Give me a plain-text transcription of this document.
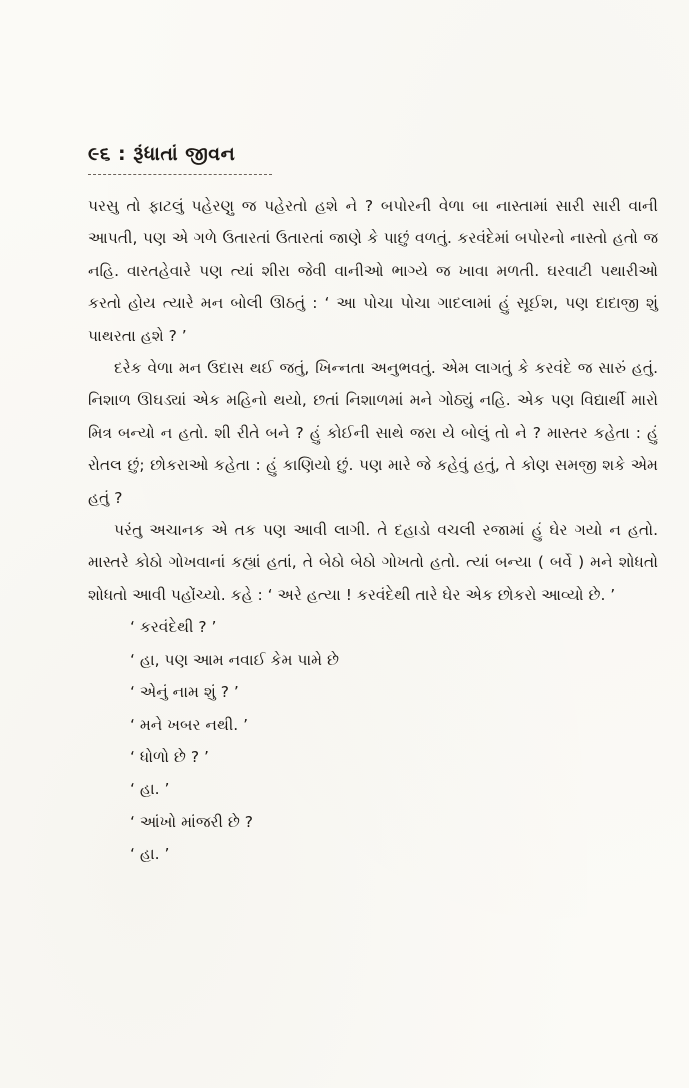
૯૬ : રૂંધાતાં જીવન

પરસુ તો ફાટલું પહેરણુ જ પહેરતો હશે ને ? બપોરની વેળા બા નાસ્તામાં સારી સારી વાની આપતી, પણ એ ગળે ઉતારતાં ઉતારતાં જાણે કે પાછું વળતું. કરવંદેમાં બપોરનો નાસ્તો હતો જ નહિ. વારતહેવારે પણ ત્યાં શીરા જેવી વાનીઓ ભાગ્યે જ ખાવા મળતી. ઘરવાટી પથારીઓ કરતો હોય ત્યારે મન બોલી ઊઠતું : ‘ આ પોચા પોચા ગાદલામાં હું સૂઈશ, પણ દાદાજી શું પાથરતા હશે ? ’

દરેક વેળા મન ઉદાસ થઈ જતું, ખિન્નતા અનુભવતું. એમ લાગતું કે કરવંદે જ સારું હતું. નિશાળ ઊઘડ્યાં એક મહિનો થયો, છતાં નિશાળમાં મને ગોઠ્યું નહિ. એક પણ વિદ્યાર્થી મારો મિત્ર બન્યો ન હતો. શી રીતે બને ? હું કોઈની સાથે જરા યે બોલું તો ને ? માસ્તર કહેતા : હું રોતલ છું; છોકરાઓ કહેતા : હું કાણિયો છું. પણ મારે જે કહેવું હતું, તે કોણ સમજી શકે એમ હતું ?

પરંતુ અચાનક એ તક પણ આવી લાગી. તે દહાડો વચલી રજામાં હું ઘેર ગયો ન હતો. માસ્તરે કોઠો ગોખવાનાં કહ્યાં હતાં, તે બેઠો બેઠો ગોખતો હતો. ત્યાં બન્યા ( બર્વે ) મને શોધતો શોધતો આવી પહોંચ્યો. કહે : ‘ અરે હત્યા ! કરવંદેથી તારે ઘેર એક છોકરો આવ્યો છે. ’

‘ કરવંદેથી ? ’
‘ હા, પણ આમ નવાઈ કેમ પામે છે
‘ એનું નામ શું ? ’
‘ મને ખબર નથી. ’
‘ ધોળો છે ? ’
‘ હા. ’
‘ આંખો માંજરી છે ?
‘ હા. ’
